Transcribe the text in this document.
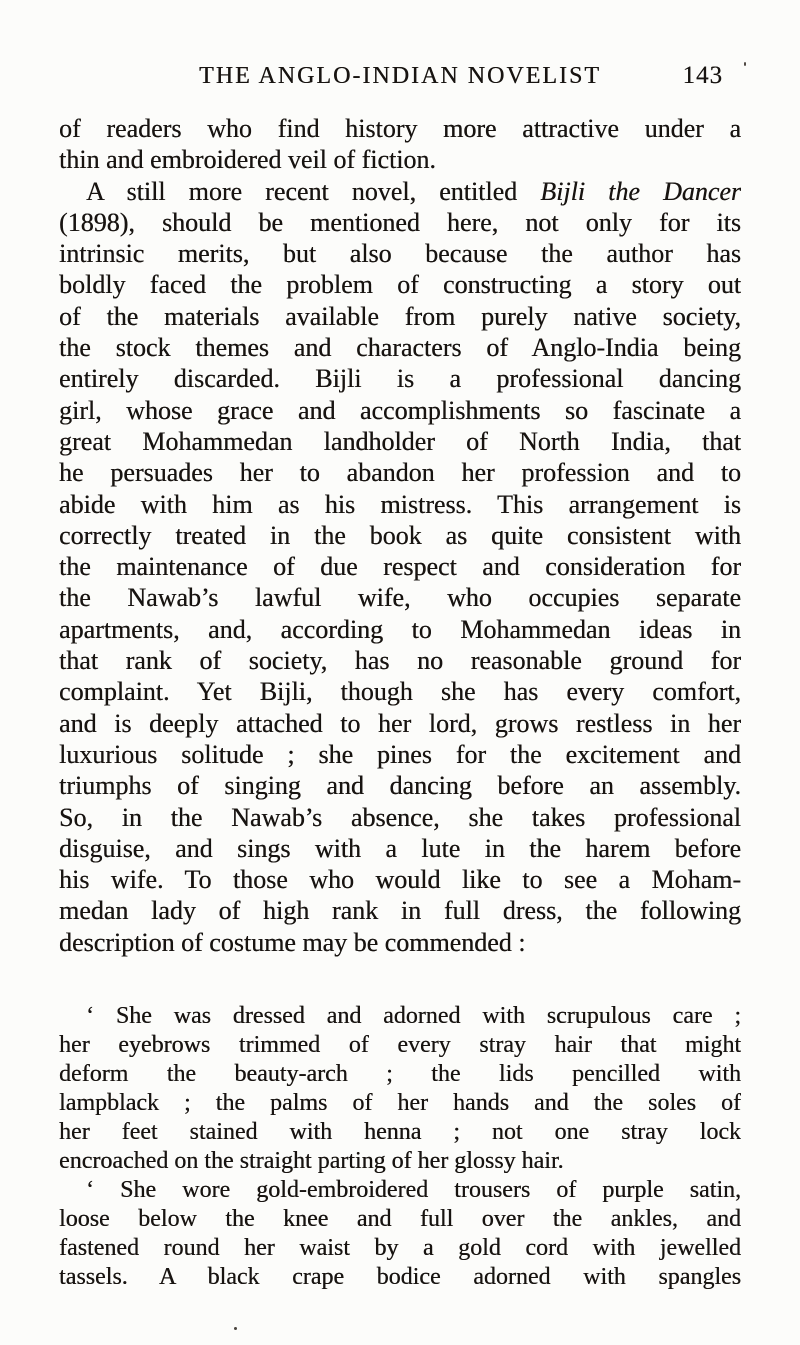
THE ANGLO-INDIAN NOVELIST	143
of readers who find history more attractive under a
thin and embroidered veil of fiction.
A still more recent novel, entitled Bijli the Dancer
(1898), should be mentioned here, not only for its
intrinsic merits, but also because the author has
boldly faced the problem of constructing a story out
of the materials available from purely native society,
the stock themes and characters of Anglo-India being
entirely discarded. Bijli is a professional dancing
girl, whose grace and accomplishments so fascinate a
great Mohammedan landholder of North India, that
he persuades her to abandon her profession and to
abide with him as his mistress. This arrangement is
correctly treated in the book as quite consistent with
the maintenance of due respect and consideration for
the Nawab’s lawful wife, who occupies separate
apartments, and, according to Mohammedan ideas in
that rank of society, has no reasonable ground for
complaint. Yet Bijli, though she has every comfort,
and is deeply attached to her lord, grows restless in her
luxurious solitude ; she pines for the excitement and
triumphs of singing and dancing before an assembly.
So, in the Nawab’s absence, she takes professional
disguise, and sings with a lute in the harem before
his wife. To those who would like to see a Moham-
medan lady of high rank in full dress, the following
description of costume may be commended :
‘ She was dressed and adorned with scrupulous care ;
her eyebrows trimmed of every stray hair that might
deform the beauty-arch ; the lids pencilled with
lampblack ; the palms of her hands and the soles of
her feet stained with henna ; not one stray lock
encroached on the straight parting of her glossy hair.
‘ She wore gold-embroidered trousers of purple satin,
loose below the knee and full over the ankles, and
fastened round her waist by a gold cord with jewelled
tassels. A black crape bodice adorned with spangles
